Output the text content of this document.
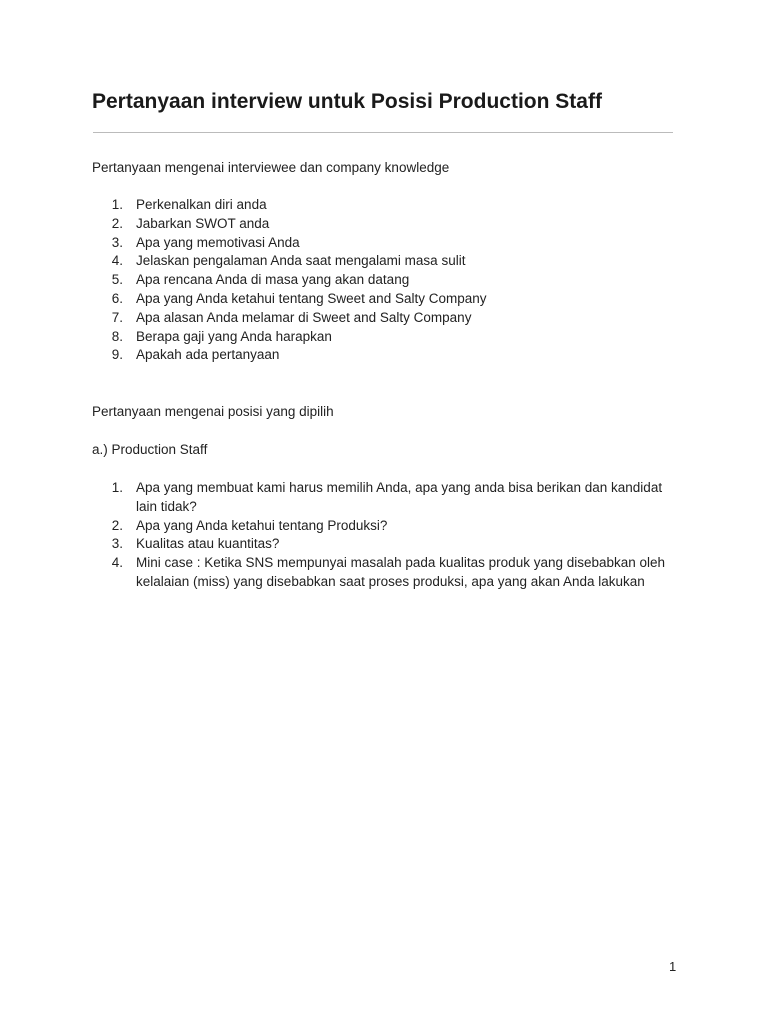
Pertanyaan interview untuk Posisi Production Staff
Pertanyaan mengenai interviewee dan company knowledge
1. Perkenalkan diri anda
2. Jabarkan SWOT anda
3. Apa yang memotivasi Anda
4. Jelaskan pengalaman Anda saat mengalami masa sulit
5. Apa rencana Anda di masa yang akan datang
6. Apa yang Anda ketahui tentang Sweet and Salty Company
7. Apa alasan Anda melamar di Sweet and Salty Company
8. Berapa gaji yang Anda harapkan
9. Apakah ada pertanyaan
Pertanyaan mengenai posisi yang dipilih
a.) Production Staff
1. Apa yang membuat kami harus memilih Anda, apa yang anda bisa berikan dan kandidat lain tidak?
2. Apa yang Anda ketahui tentang Produksi?
3. Kualitas atau kuantitas?
4. Mini case : Ketika SNS mempunyai masalah pada kualitas produk yang disebabkan oleh kelalaian (miss) yang disebabkan saat proses produksi, apa yang akan Anda lakukan
1
